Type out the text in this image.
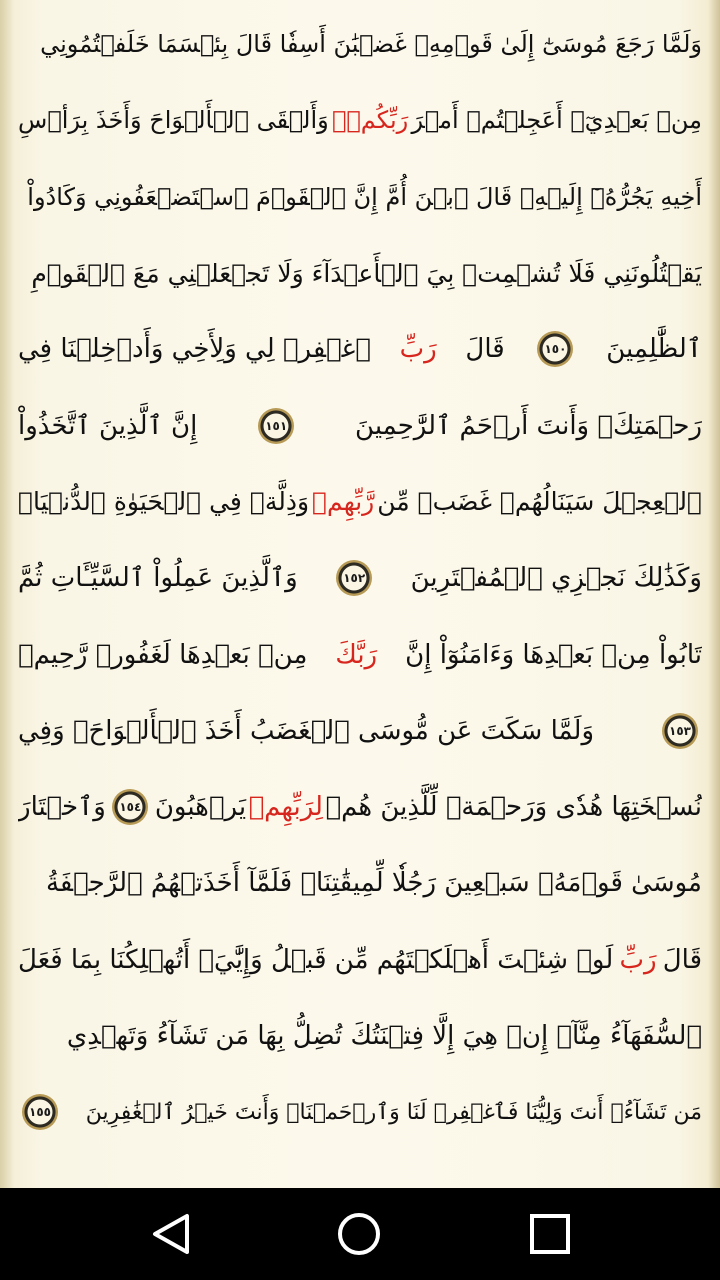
وَلَمَّا رَجَعَ مُوسَىٰٓ إِلَىٰ قَوۡمِهِۦ غَضۡبَٰنَ أَسِفٗا قَالَ بِئۡسَمَا خَلَفۡتُمُونِي
مِنۢ بَعۡدِيٓۖ أَعَجِلۡتُمۡ أَمۡرَ
رَبِّكُمۡۖ
وَأَلۡقَى ٱلۡأَلۡوَاحَ وَأَخَذَ بِرَأۡسِ
أَخِيهِ يَجُرُّهُۥٓ إِلَيۡهِۚ قَالَ ٱبۡنَ أُمَّ إِنَّ ٱلۡقَوۡمَ ٱسۡتَضۡعَفُونِي وَكَادُواْ
يَقۡتُلُونَنِي فَلَا تُشۡمِتۡ بِيَ ٱلۡأَعۡدَآءَ وَلَا تَجۡعَلۡنِي مَعَ ٱلۡقَوۡمِ
ٱلظَّٰلِمِينَ
١٥٠
قَالَ
رَبِّ
ٱغۡفِرۡ لِي وَلِأَخِي وَأَدۡخِلۡنَا فِي
رَحۡمَتِكَۖ وَأَنتَ أَرۡحَمُ ٱلرَّٰحِمِينَ
١٥١
إِنَّ ٱلَّذِينَ ٱتَّخَذُواْ
ٱلۡعِجۡلَ سَيَنَالُهُمۡ غَضَبٞ مِّن
رَّبِّهِمۡ
وَذِلَّةٞ فِي ٱلۡحَيَوٰةِ ٱلدُّنۡيَاۚ
وَكَذَٰلِكَ نَجۡزِي ٱلۡمُفۡتَرِينَ
١٥٢
وَٱلَّذِينَ عَمِلُواْ ٱلسَّيِّـَٔاتِ ثُمَّ
تَابُواْ مِنۢ بَعۡدِهَا وَءَامَنُوٓاْ إِنَّ
رَبَّكَ
مِنۢ بَعۡدِهَا لَغَفُورٞ رَّحِيمٞ
١٥٣
وَلَمَّا سَكَتَ عَن مُّوسَى ٱلۡغَضَبُ أَخَذَ ٱلۡأَلۡوَاحَۖ وَفِي
نُسۡخَتِهَا هُدٗى وَرَحۡمَةٞ لِّلَّذِينَ هُمۡ
لِرَبِّهِمۡ
يَرۡهَبُونَ
١٥٤
وَٱخۡتَارَ
مُوسَىٰ قَوۡمَهُۥ سَبۡعِينَ رَجُلٗا لِّمِيقَٰتِنَاۖ فَلَمَّآ أَخَذَتۡهُمُ ٱلرَّجۡفَةُ
قَالَ
رَبِّ
لَوۡ شِئۡتَ أَهۡلَكۡتَهُم مِّن قَبۡلُ وَإِيَّٰيَۖ أَتُهۡلِكُنَا بِمَا فَعَلَ
ٱلسُّفَهَآءُ مِنَّآۖ إِنۡ هِيَ إِلَّا فِتۡنَتُكَ تُضِلُّ بِهَا مَن تَشَآءُ وَتَهۡدِي
مَن تَشَآءُۖ أَنتَ وَلِيُّنَا فَٱغۡفِرۡ لَنَا وَٱرۡحَمۡنَاۖ وَأَنتَ خَيۡرُ ٱلۡغَٰفِرِينَ
١٥٥
